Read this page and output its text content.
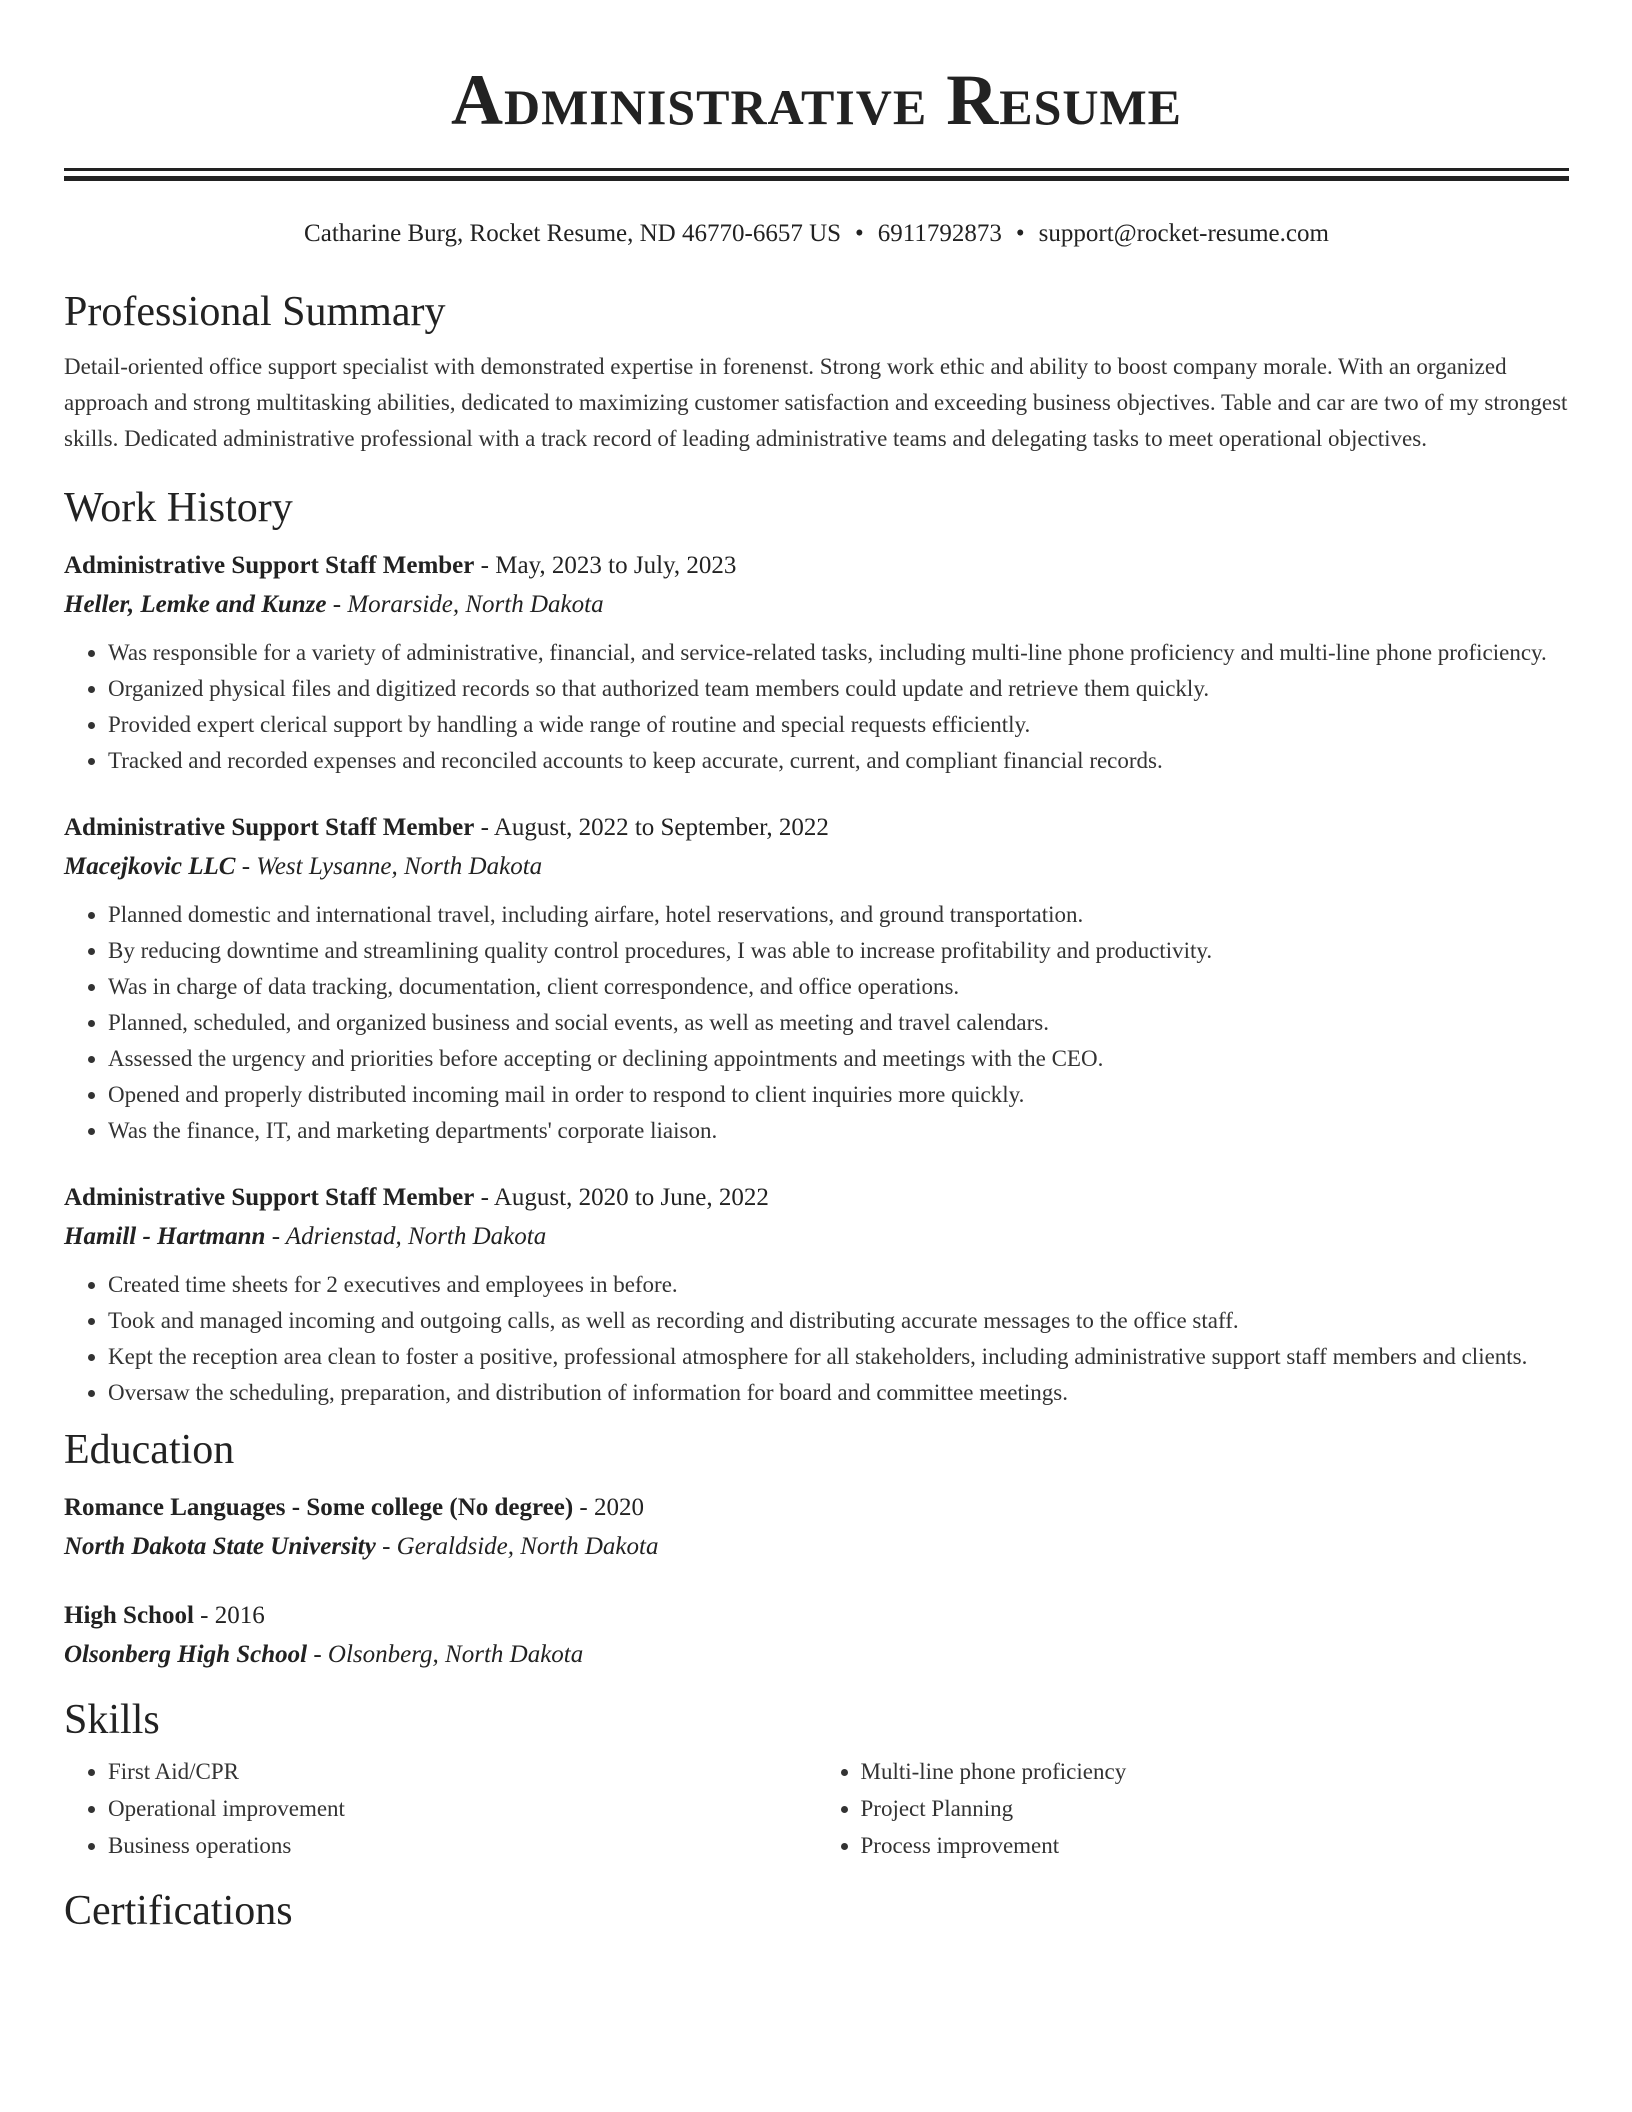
Administrative Resume
Catharine Burg, Rocket Resume, ND 46770-6657 US • 6911792873 • support@rocket-resume.com
Professional Summary

Detail-oriented office support specialist with demonstrated expertise in forenenst. Strong work ethic and ability to boost company morale. With an organized approach and strong multitasking abilities, dedicated to maximizing customer satisfaction and exceeding business objectives. Table and car are two of my strongest skills. Dedicated administrative professional with a track record of leading administrative teams and delegating tasks to meet operational objectives.

Work History
Administrative Support Staff Member - May, 2023 to July, 2023
Heller, Lemke and Kunze - Morarside, North Dakota
• Was responsible for a variety of administrative, financial, and service-related tasks, including multi-line phone proficiency and multi-line phone proficiency.
• Organized physical files and digitized records so that authorized team members could update and retrieve them quickly.
• Provided expert clerical support by handling a wide range of routine and special requests efficiently.
• Tracked and recorded expenses and reconciled accounts to keep accurate, current, and compliant financial records.
Administrative Support Staff Member - August, 2022 to September, 2022
Macejkovic LLC - West Lysanne, North Dakota
• Planned domestic and international travel, including airfare, hotel reservations, and ground transportation.
• By reducing downtime and streamlining quality control procedures, I was able to increase profitability and productivity.
• Was in charge of data tracking, documentation, client correspondence, and office operations.
• Planned, scheduled, and organized business and social events, as well as meeting and travel calendars.
• Assessed the urgency and priorities before accepting or declining appointments and meetings with the CEO.
• Opened and properly distributed incoming mail in order to respond to client inquiries more quickly.
• Was the finance, IT, and marketing departments' corporate liaison.
Administrative Support Staff Member - August, 2020 to June, 2022
Hamill - Hartmann - Adrienstad, North Dakota
• Created time sheets for 2 executives and employees in before.
• Took and managed incoming and outgoing calls, as well as recording and distributing accurate messages to the office staff.
• Kept the reception area clean to foster a positive, professional atmosphere for all stakeholders, including administrative support staff members and clients.
• Oversaw the scheduling, preparation, and distribution of information for board and committee meetings.
Education
Romance Languages - Some college (No degree) - 2020
North Dakota State University - Geraldside, North Dakota
High School - 2016
Olsonberg High School - Olsonberg, North Dakota
Skills
• First Aid/CPR
• Operational improvement
• Business operations
• Multi-line phone proficiency
• Project Planning
• Process improvement
Certifications
